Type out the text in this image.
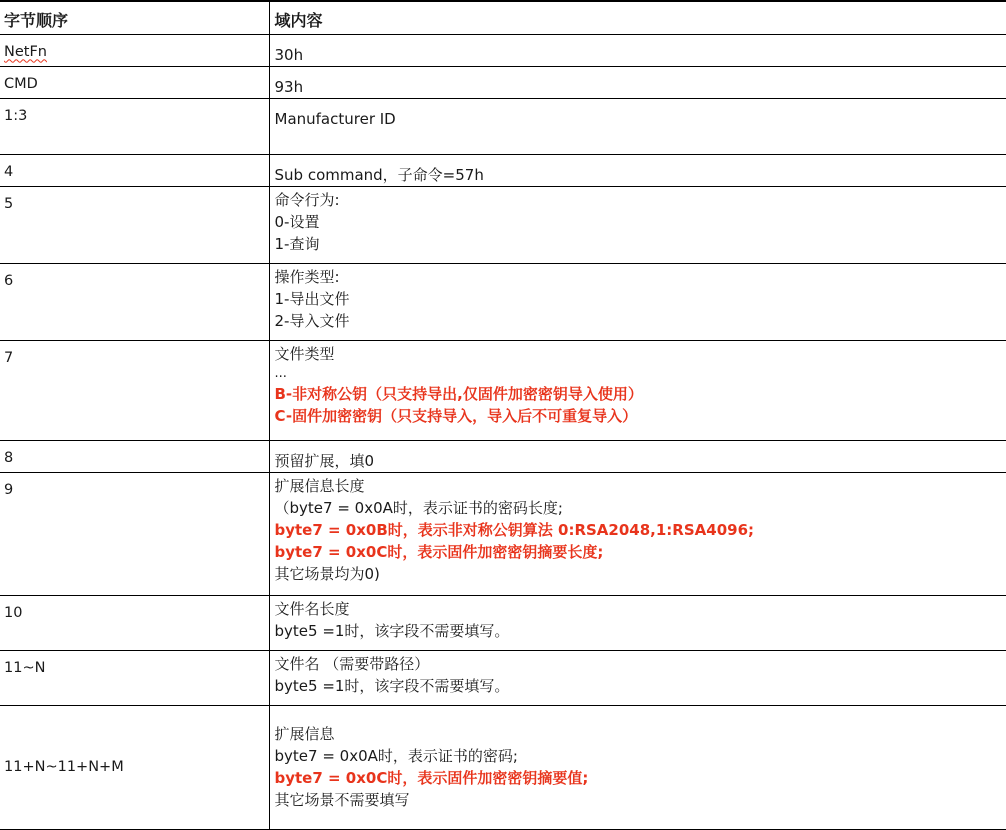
字节顺序	域内容
NetFn	30h

CMD	93h

1:3	Manufacturer ID

4	Sub command，子命令=57h

5	命令行为:
0-设置
1-查询

6	操作类型:
1-导出文件
2-导入文件

7	文件类型
...
B-非对称公钥（只支持导出,仅固件加密密钥导入使用）
C-固件加密密钥（只支持导入，导入后不可重复导入）

8	预留扩展，填0

9	扩展信息长度
（byte7 = 0x0A时，表示证书的密码长度;
byte7 = 0x0B时，表示非对称公钥算法 0:RSA2048,1:RSA4096;
byte7 = 0x0C时，表示固件加密密钥摘要长度;
其它场景均为0)

10	文件名长度
byte5 =1时，该字段不需要填写。

11~N	文件名 （需要带路径）
byte5 =1时，该字段不需要填写。

11+N~11+N+M	扩展信息
byte7 = 0x0A时，表示证书的密码;
byte7 = 0x0C时，表示固件加密密钥摘要值;
其它场景不需要填写
